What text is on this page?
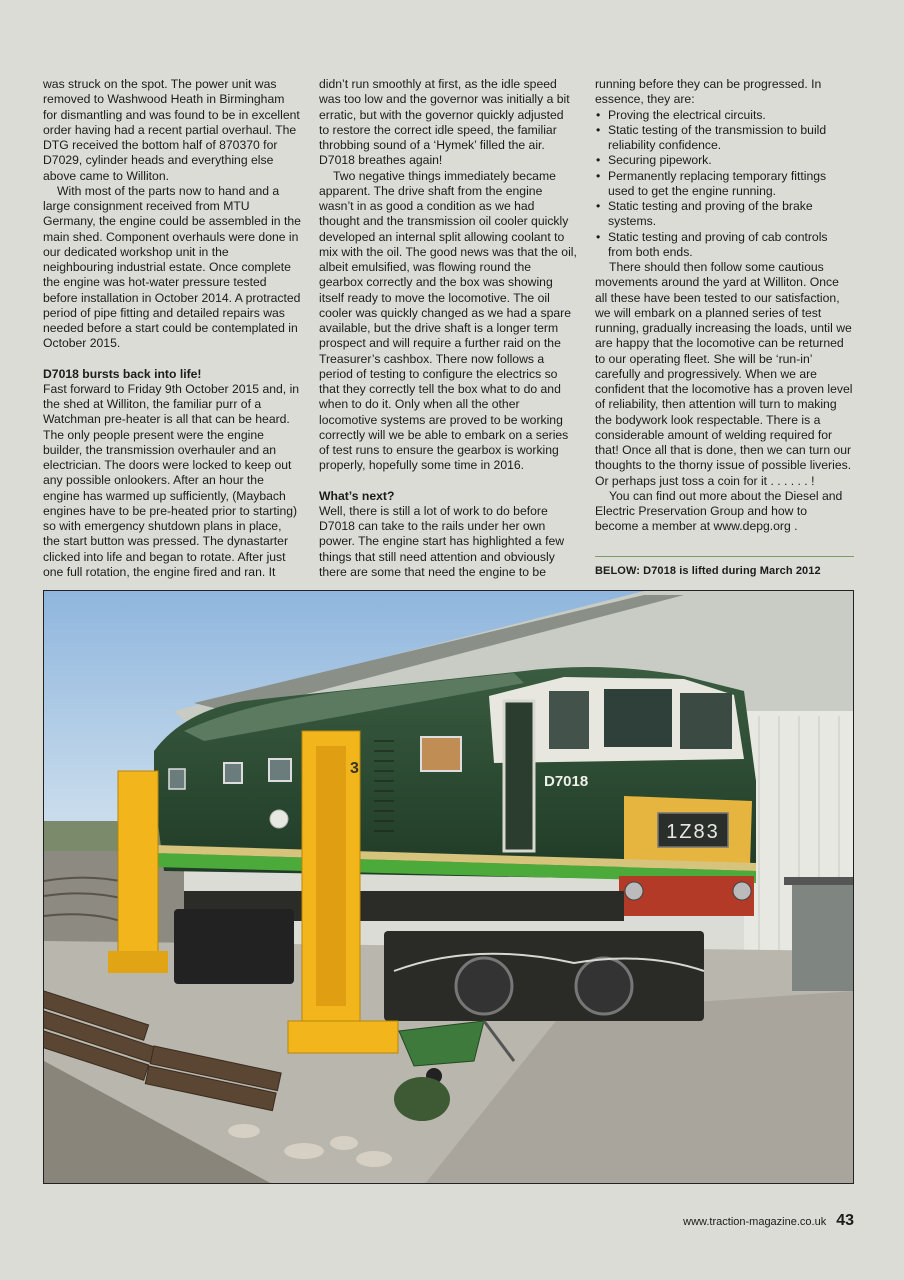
was struck on the spot. The power unit was removed to Washwood Heath in Birmingham for dismantling and was found to be in excellent order having had a recent partial overhaul. The DTG received the bottom half of 870370 for D7029, cylinder heads and everything else above came to Williton.

With most of the parts now to hand and a large consignment received from MTU Germany, the engine could be assembled in the main shed. Component overhauls were done in our dedicated workshop unit in the neighbouring industrial estate. Once complete the engine was hot-water pressure tested before installation in October 2014. A protracted period of pipe fitting and detailed repairs was needed before a start could be contemplated in October 2015.

D7018 bursts back into life!

Fast forward to Friday 9th October 2015 and, in the shed at Williton, the familiar purr of a Watchman pre-heater is all that can be heard. The only people present were the engine builder, the transmission overhauler and an electrician. The doors were locked to keep out any possible onlookers. After an hour the engine has warmed up sufficiently, (Maybach engines have to be pre-heated prior to starting) so with emergency shutdown plans in place, the start button was pressed. The dynastarter clicked into life and began to rotate. After just one full rotation, the engine fired and ran. It

didn’t run smoothly at first, as the idle speed was too low and the governor was initially a bit erratic, but with the governor quickly adjusted to restore the correct idle speed, the familiar throbbing sound of a ‘Hymek’ filled the air. D7018 breathes again!

Two negative things immediately became apparent. The drive shaft from the engine wasn’t in as good a condition as we had thought and the transmission oil cooler quickly developed an internal split allowing coolant to mix with the oil. The good news was that the oil, albeit emulsified, was flowing round the gearbox correctly and the box was showing itself ready to move the locomotive. The oil cooler was quickly changed as we had a spare available, but the drive shaft is a longer term prospect and will require a further raid on the Treasurer’s cashbox. There now follows a period of testing to configure the electrics so that they correctly tell the box what to do and when to do it. Only when all the other locomotive systems are proved to be working correctly will we be able to embark on a series of test runs to ensure the gearbox is working properly, hopefully some time in 2016.

What’s next?

Well, there is still a lot of work to do before D7018 can take to the rails under her own power. The engine start has highlighted a few things that still need attention and obviously there are some that need the engine to be

running before they can be progressed. In essence, they are:

• Proving the electrical circuits.
• Static testing of the transmission to build reliability confidence.
• Securing pipework.
• Permanently replacing temporary fittings used to get the engine running.
• Static testing and proving of the brake systems.
• Static testing and proving of cab controls from both ends.

There should then follow some cautious movements around the yard at Williton. Once all these have been tested to our satisfaction, we will embark on a planned series of test running, gradually increasing the loads, until we are happy that the locomotive can be returned to our operating fleet. She will be ‘run-in’ carefully and progressively. When we are confident that the locomotive has a proven level of reliability, then attention will turn to making the bodywork look respectable. There is a considerable amount of welding required for that! Once all that is done, then we can turn our thoughts to the thorny issue of possible liveries. Or perhaps just toss a coin for it . . . . . . !

You can find out more about the Diesel and Electric Preservation Group and how to become a member at www.depg.org .

BELOW: D7018 is lifted during March 2012
1Z83
D7018
3
www.traction-magazine.co.uk 43
